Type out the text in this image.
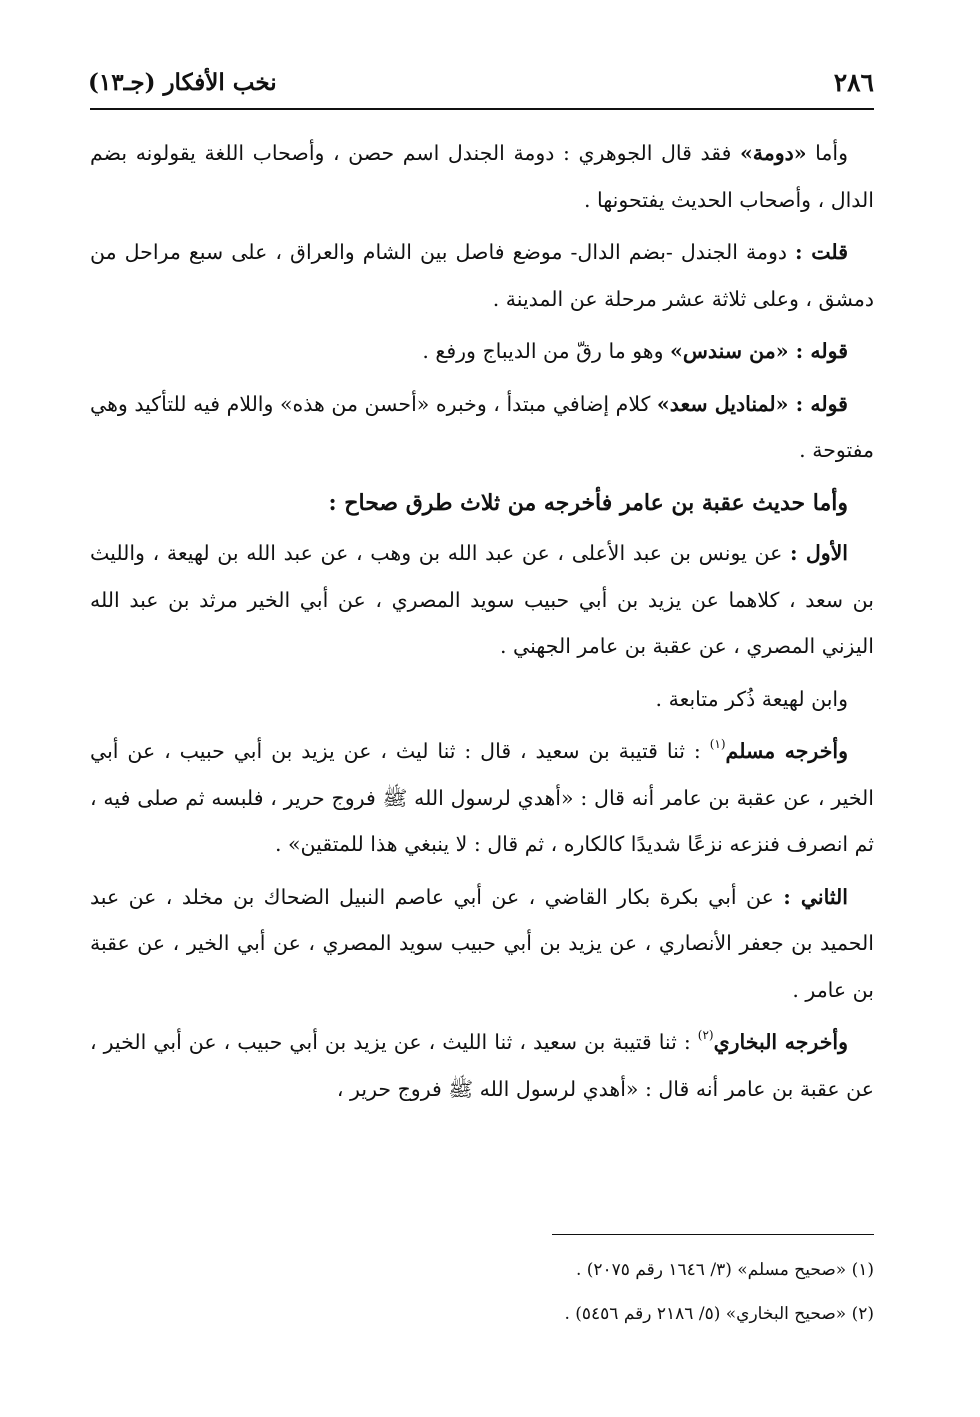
٢٨٦
نخب الأفكار (جـ١٣)

وأما «دومة» فقد قال الجوهري : دومة الجندل اسم حصن ، وأصحاب اللغة يقولونه بضم الدال ، وأصحاب الحديث يفتحونها .

قلت : دومة الجندل -بضم الدال- موضع فاصل بين الشام والعراق ، على سبع مراحل من دمشق ، وعلى ثلاثة عشر مرحلة عن المدينة .

قوله : «من سندس» وهو ما رقّ من الديباج ورفع .

قوله : «لمناديل سعد» كلام إضافي مبتدأ ، وخبره «أحسن من هذه» واللام فيه للتأكيد وهي مفتوحة .

وأما حديث عقبة بن عامر فأخرجه من ثلاث طرق صحاح :

الأول : عن يونس بن عبد الأعلى ، عن عبد الله بن وهب ، عن عبد الله بن لهيعة ، والليث بن سعد ، كلاهما عن يزيد بن أبي حبيب سويد المصري ، عن أبي الخير مرثد بن عبد الله اليزني المصري ، عن عقبة بن عامر الجهني .

وابن لهيعة ذُكر متابعة .

وأخرجه مسلم$^{(١)}$ : ثنا قتيبة بن سعيد ، قال : ثنا ليث ، عن يزيد بن أبي حبيب ، عن أبي الخير ، عن عقبة بن عامر أنه قال : «أهدي لرسول الله ﷺ فروج حرير ، فلبسه ثم صلى فيه ، ثم انصرف فنزعه نزعًا شديدًا كالكاره ، ثم قال : لا ينبغي هذا للمتقين» .

الثاني : عن أبي بكرة بكار القاضي ، عن أبي عاصم النبيل الضحاك بن مخلد ، عن عبد الحميد بن جعفر الأنصاري ، عن يزيد بن أبي حبيب سويد المصري ، عن أبي الخير ، عن عقبة بن عامر .

وأخرجه البخاري$^{(٢)}$ : ثنا قتيبة بن سعيد ، ثنا الليث ، عن يزيد بن أبي حبيب ، عن أبي الخير ، عن عقبة بن عامر أنه قال : «أهدي لرسول الله ﷺ فروج حرير ،

(١) «صحيح مسلم» (٣/ ١٦٤٦ رقم ٢٠٧٥) .
(٢) «صحيح البخاري» (٥/ ٢١٨٦ رقم ٥٤٥٦) .
